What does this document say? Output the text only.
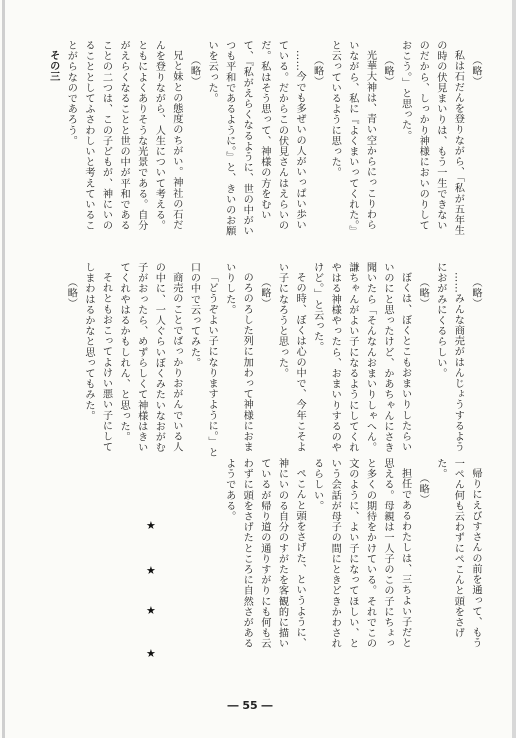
（略）

私は石だんを登りながら、「私が五年生の時の伏見まいりは、もう一生できないのだから、しっかり神様においのりしておこう。」と思った。

（略）

光華大神は、青い空からにっこりわらいながら、私に『よくまいってくれた。』と云っているように思った。

（略）

……今でも多ぜいの人がいっぱい歩いている。だからこの伏見さんはえらいのだ。私はそう思って、神様の方をむいて、『私がえらくなるように、世の中がいつも平和であるように。』と、きいのお願いを云った。

（略）

兄と妹との態度のちがい。神社の石だんを登りながら、人生について考える。ともによくありそうな光景である。自分がえらくなることと世の中が平和であることの二つは、この子どもが、神にいのることとしてふさわしいと考えていることがらなのであろう。

その三

（略）

……みんな商売がはんじょうするようにおがみにくるらしい。

（略）

ぼくは、ぼくとこもおまいりしたらいいのにと思ったけど、かあちゃんにさき聞いたら「そんなんおまいりしゃへん。謙ちゃんがよい子になるようにしてくれやはる神様やったら、おまいりするのやけど。」と云った。

その時、ぼくは心の中で、今年こそよい子になろうと思った。

（略）

のろのろした列に加わって神様におまいりした。

「どうぞよい子になりますように。」と口の中で云ってみた。

商売のことでばっかりおがんでいる人の中に、一人ぐらいぼくみたいなおがむ子がおったら、めずらしくて神様はきいてくれやはるかもしれん、と思った。

それともおこってよけい悪い子にしてしまわはるかなと思ってもみた。

（略）

帰りにえびすさんの前を通って、もう一ぺん何も云わずにぺこんと頭をさげた。

（略）

担任であるわたしは、三ちよい子だと思える。母親は一人子のこの子にちょっと多くの期待をかけている。それでこの文のように、よい子になってほしい、という会話が母子の間にときどきかわされるらしい。

ぺこんと頭をさげた、というように、神にいのる自分のすがたを客観的に描いているが帰り道の通りすがりにも何も云わずに頭をさげたところに自然さがあるようである。

★
★
★
★
― 55 ―
